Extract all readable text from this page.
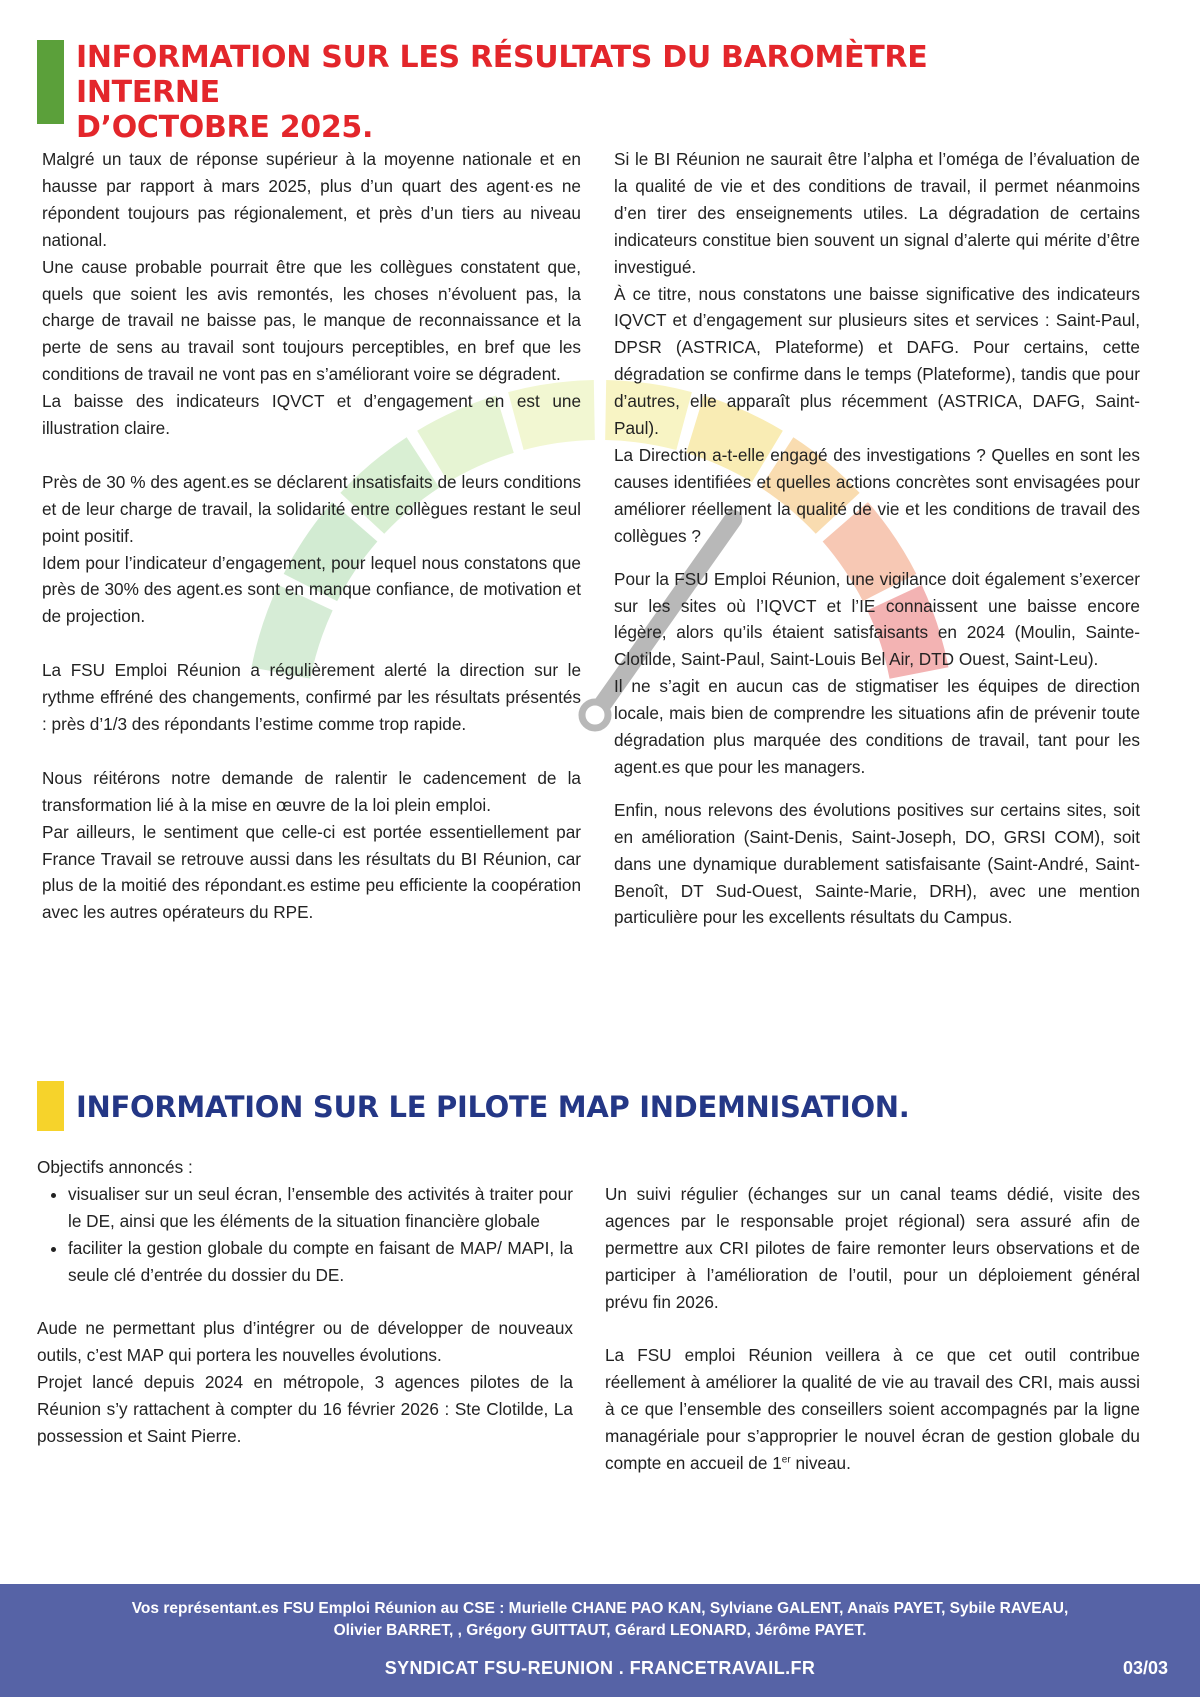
INFORMATION SUR LES RÉSULTATS DU BAROMÈTRE INTERNE
D’OCTOBRE 2025.

Malgré un taux de réponse supérieur à la moyenne nationale et en hausse par rapport à mars 2025, plus d’un quart des agent·es ne répondent toujours pas régionalement, et près d’un tiers au niveau national.

Une cause probable pourrait être que les collègues constatent que, quels que soient les avis remontés, les choses n’évoluent pas, la charge de travail ne baisse pas, le manque de reconnaissance et la perte de sens au travail sont toujours perceptibles, en bref que les conditions de travail ne vont pas en s’améliorant voire se dégradent.

La baisse des indicateurs IQVCT et d’engagement en est une illustration claire.

Près de 30 % des agent.es se déclarent insatisfaits de leurs conditions et de leur charge de travail, la solidarité entre collègues restant le seul point positif.

Idem pour l’indicateur d’engagement, pour lequel nous constatons que près de 30% des agent.es sont en manque confiance, de motivation et de projection.

La FSU Emploi Réunion a régulièrement alerté la direction sur le rythme effréné des changements, confirmé par les résultats présentés : près d’1/3 des répondants l’estime comme trop rapide.

Nous réitérons notre demande de ralentir le cadencement de la transformation lié à la mise en œuvre de la loi plein emploi.

Par ailleurs, le sentiment que celle-ci est portée essentiellement par France Travail se retrouve aussi dans les résultats du BI Réunion, car plus de la moitié des répondant.es estime peu efficiente la coopération avec les autres opérateurs du RPE.

Si le BI Réunion ne saurait être l’alpha et l’oméga de l’évaluation de la qualité de vie et des conditions de travail, il permet néanmoins d’en tirer des enseignements utiles. La dégradation de certains indicateurs constitue bien souvent un signal d’alerte qui mérite d’être investigué.

À ce titre, nous constatons une baisse significative des indicateurs IQVCT et d’engagement sur plusieurs sites et services : Saint-Paul, DPSR (ASTRICA, Plateforme) et DAFG. Pour certains, cette dégradation se confirme dans le temps (Plateforme), tandis que pour d’autres, elle apparaît plus récemment (ASTRICA, DAFG, Saint-Paul).

La Direction a-t-elle engagé des investigations ? Quelles en sont les causes identifiées et quelles actions concrètes sont envisagées pour améliorer réellement la qualité de vie et les conditions de travail des collègues ?

Pour la FSU Emploi Réunion, une vigilance doit également s’exercer sur les sites où l’IQVCT et l’IE connaissent une baisse encore légère, alors qu’ils étaient satisfaisants en 2024 (Moulin, Sainte-Clotilde, Saint-Paul, Saint-Louis Bel Air, DTD Ouest, Saint-Leu).

Il ne s’agit en aucun cas de stigmatiser les équipes de direction locale, mais bien de comprendre les situations afin de prévenir toute dégradation plus marquée des conditions de travail, tant pour les agent.es que pour les managers.

Enfin, nous relevons des évolutions positives sur certains sites, soit en amélioration (Saint-Denis, Saint-Joseph, DO, GRSI COM), soit dans une dynamique durablement satisfaisante (Saint-André, Saint-Benoît, DT Sud-Ouest, Sainte-Marie, DRH), avec une mention particulière pour les excellents résultats du Campus.

INFORMATION SUR LE PILOTE MAP INDEMNISATION.

Objectifs annoncés :

• visualiser sur un seul écran, l’ensemble des activités à traiter pour le DE, ainsi que les éléments de la situation financière globale
• faciliter la gestion globale du compte en faisant de MAP/ MAPI, la seule clé d’entrée du dossier du DE.

Aude ne permettant plus d’intégrer ou de développer de nouveaux outils, c’est MAP qui portera les nouvelles évolutions.

Projet lancé depuis 2024 en métropole, 3 agences pilotes de la Réunion s’y rattachent à compter du 16 février 2026 : Ste Clotilde, La possession et Saint Pierre.

Un suivi régulier (échanges sur un canal teams dédié, visite des agences par le responsable projet régional) sera assuré afin de permettre aux CRI pilotes de faire remonter leurs observations et de participer à l’amélioration de l’outil, pour un déploiement général prévu fin 2026.

La FSU emploi Réunion veillera à ce que cet outil contribue réellement à améliorer la qualité de vie au travail des CRI, mais aussi à ce que l’ensemble des conseillers soient accompagnés par la ligne managériale pour s’approprier le nouvel écran de gestion globale du compte en accueil de 1er niveau.

Vos représentant.es FSU Emploi Réunion au CSE : Murielle CHANE PAO KAN, Sylviane GALENT, Anaïs PAYET, Sybile RAVEAU,
Olivier BARRET, , Grégory GUITTAUT, Gérard LEONARD, Jérôme PAYET.
SYNDICAT FSU-REUNION . FRANCETRAVAIL.FR	03/03
